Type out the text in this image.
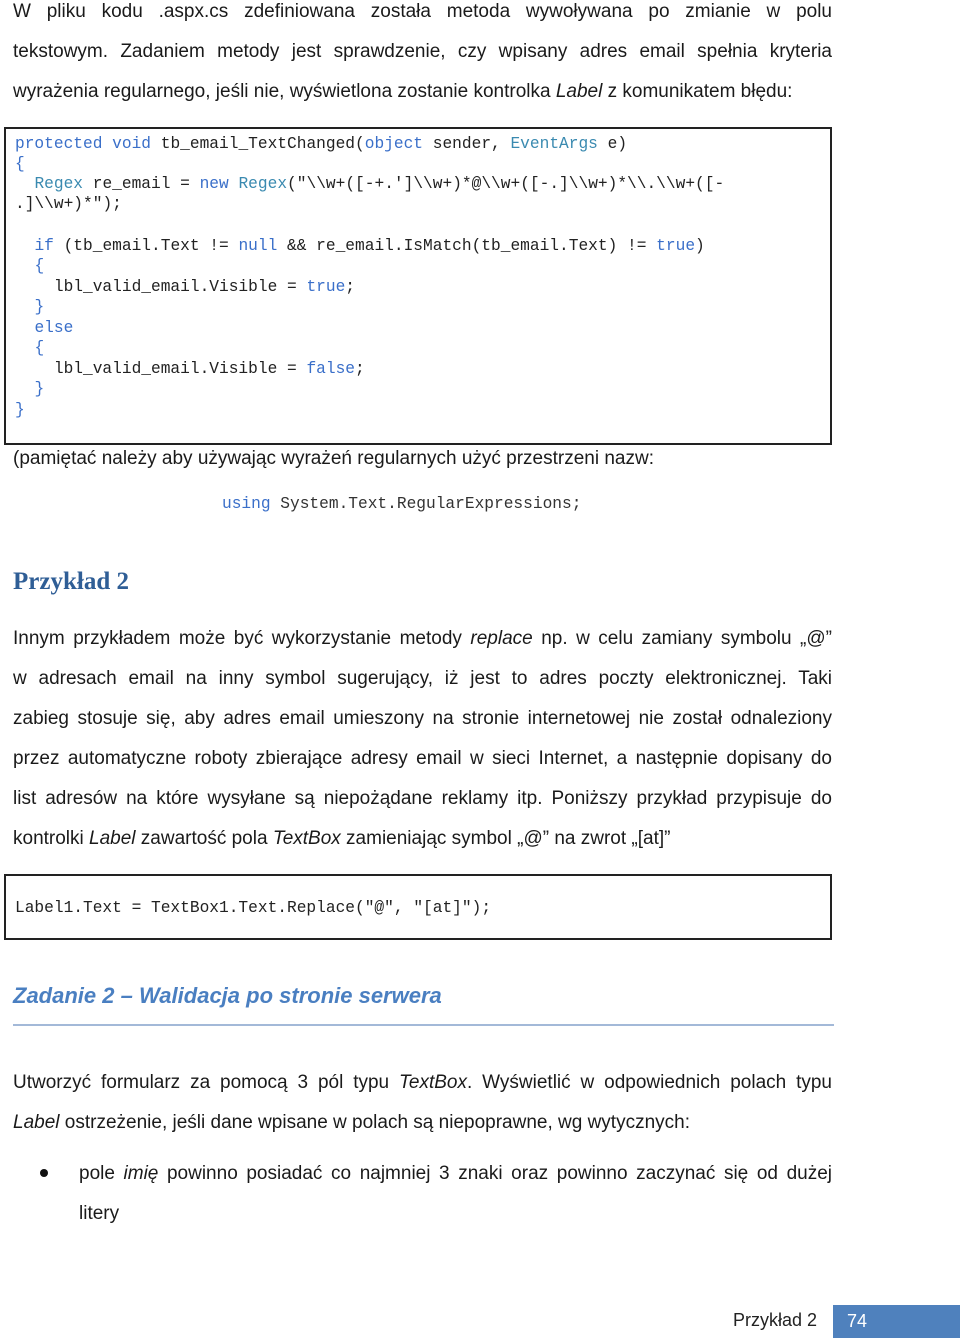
W pliku kodu .aspx.cs zdefiniowana została metoda wywoływana po zmianie w polu
tekstowym. Zadaniem metody jest sprawdzenie, czy wpisany adres email spełnia kryteria
wyrażenia regularnego, jeśli nie, wyświetlona zostanie kontrolka Label z komunikatem błędu:
protected void tb_email_TextChanged(object sender, EventArgs e)
{
Regex re_email = new Regex("\\w+([-+.']\\w+)*@\\w+([-.]\\w+)*\\.\\w+([-
.]\\w+)*");
if (tb_email.Text != null && re_email.IsMatch(tb_email.Text) != true)
{
lbl_valid_email.Visible = true;
}
else
{
lbl_valid_email.Visible = false;
}
}
(pamiętać należy aby używając wyrażeń regularnych użyć przestrzeni nazw:
using System.Text.RegularExpressions;
Przykład 2
Innym przykładem może być wykorzystanie metody replace np. w celu zamiany symbolu „@”
w adresach email na inny symbol sugerujący, iż jest to adres poczty elektronicznej. Taki
zabieg stosuje się, aby adres email umieszony na stronie internetowej nie został odnaleziony
przez automatyczne roboty zbierające adresy email w sieci Internet, a następnie dopisany do
list adresów na które wysyłane są niepożądane reklamy itp. Poniższy przykład przypisuje do
kontrolki Label zawartość pola TextBox zamieniając symbol „@” na zwrot „[at]”
Label1.Text = TextBox1.Text.Replace("@", "[at]");
Zadanie 2 – Walidacja po stronie serwera
Utworzyć formularz za pomocą 3 pól typu TextBox. Wyświetlić w odpowiednich polach typu
Label ostrzeżenie, jeśli dane wpisane w polach są niepoprawne, wg wytycznych:
pole imię powinno posiadać co najmniej 3 znaki oraz powinno zaczynać się od dużej
litery
Przykład 2	74
